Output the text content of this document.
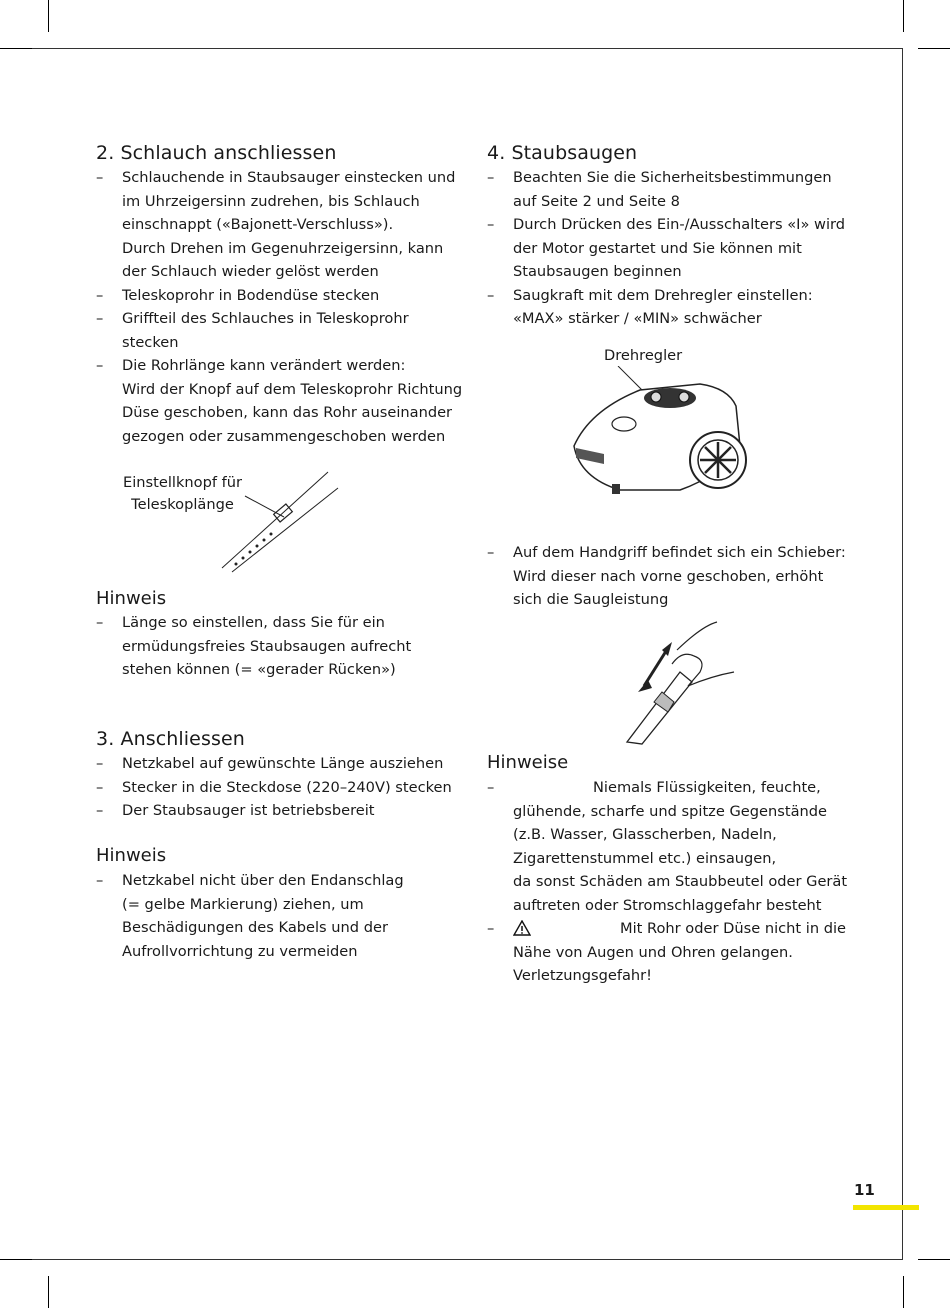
2. Schlauch anschliessen
– Schlauchende in Staubsauger einstecken und
im Uhrzeigersinn zudrehen, bis Schlauch
einschnappt («Bajonett-Verschluss»).
Durch Drehen im Gegenuhrzeigersinn, kann
der Schlauch wieder gelöst werden
– Teleskoprohr in Bodendüse stecken
– Griffteil des Schlauches in Teleskoprohr
stecken
– Die Rohrlänge kann verändert werden:
Wird der Knopf auf dem Teleskoprohr Richtung
Düse geschoben, kann das Rohr auseinander
gezogen oder zusammengeschoben werden
Einstellknopf für
Teleskoplänge
Hinweis
– Länge so einstellen, dass Sie für ein
ermüdungsfreies Staubsaugen aufrecht
stehen können (= «gerader Rücken»)
3. Anschliessen
– Netzkabel auf gewünschte Länge ausziehen
– Stecker in die Steckdose (220–240V) stecken
– Der Staubsauger ist betriebsbereit
Hinweis
– Netzkabel nicht über den Endanschlag
(= gelbe Markierung) ziehen, um
Beschädigungen des Kabels und der
Aufrollvorrichtung zu vermeiden
4. Staubsaugen
– Beachten Sie die Sicherheitsbestimmungen
auf Seite 2 und Seite 8
– Durch Drücken des Ein-/Ausschalters «I» wird
der Motor gestartet und Sie können mit
Staubsaugen beginnen
– Saugkraft mit dem Drehregler einstellen:
«MAX» stärker / «MIN» schwächer
Drehregler
– Auf dem Handgriff befindet sich ein Schieber:
Wird dieser nach vorne geschoben, erhöht
sich die Saugleistung
Hinweise
–	Niemals Flüssigkeiten, feuchte,
glühende, scharfe und spitze Gegenstände
(z.B. Wasser, Glasscherben, Nadeln,
Zigarettenstummel etc.) einsaugen,
da sonst Schäden am Staubbeutel oder Gerät
auftreten oder Stromschlaggefahr besteht
–	Mit Rohr oder Düse nicht in die
Nähe von Augen und Ohren gelangen.
Verletzungsgefahr!
11
